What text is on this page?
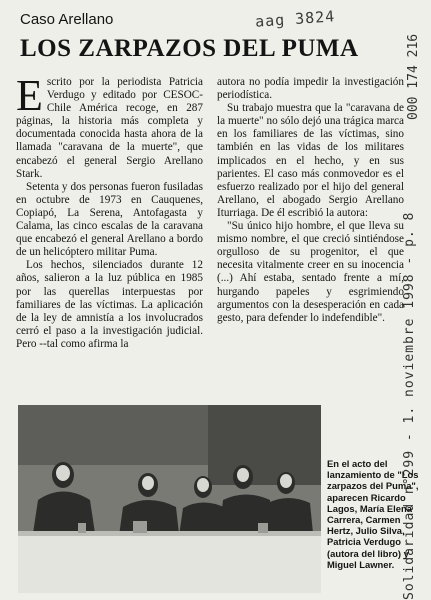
aag 3824
Solidaridad n°299 - 1. noviembre 1998 - p. 8
000 174 216
Caso Arellano
LOS ZARPAZOS DEL PUMA

Escrito por la periodista Patricia Verdugo y editado por CESOC-Chile América recoge, en 287 páginas, la historia más completa y documentada conocida hasta ahora de la llamada "caravana de la muerte", que encabezó el general Sergio Arellano Stark.

Setenta y dos personas fueron fusiladas en octubre de 1973 en Cauquenes, Copiapó, La Serena, Antofagasta y Calama, las cinco escalas de la caravana que encabezó el general Arellano a bordo de un helicóptero militar Puma.

Los hechos, silenciados durante 12 años, salieron a la luz pública en 1985 por las querellas interpuestas por familiares de las víctimas. La aplicación de la ley de amnistía a los involucrados cerró el paso a la investigación judicial. Pero --tal como afirma la

autora no podía impedir la investigación periodística.

Su trabajo muestra que la "caravana de la muerte" no sólo dejó una trágica marca en los familiares de las víctimas, sino también en las vidas de los militares implicados en el hecho, y en sus parientes. El caso más conmovedor es el esfuerzo realizado por el hijo del general Arellano, el abogado Sergio Arellano Iturriaga. De él escribió la autora:

"Su único hijo hombre, el que lleva su mismo nombre, el que creció sintiéndose orgulloso de su progenitor, el que necesita vitalmente creer en su inocencia (...) Ahí estaba, sentado frente a mí, hurgando papeles y esgrimiendo argumentos con la desesperación en cada gesto, para defender lo indefendible".

En el acto del lanzamiento de "Los zarpazos del Puma", aparecen Ricardo Lagos, María Elena Carrera, Carmen Hertz, Julio Silva, Patricia Verdugo (autora del libro) y Miguel Lawner.
